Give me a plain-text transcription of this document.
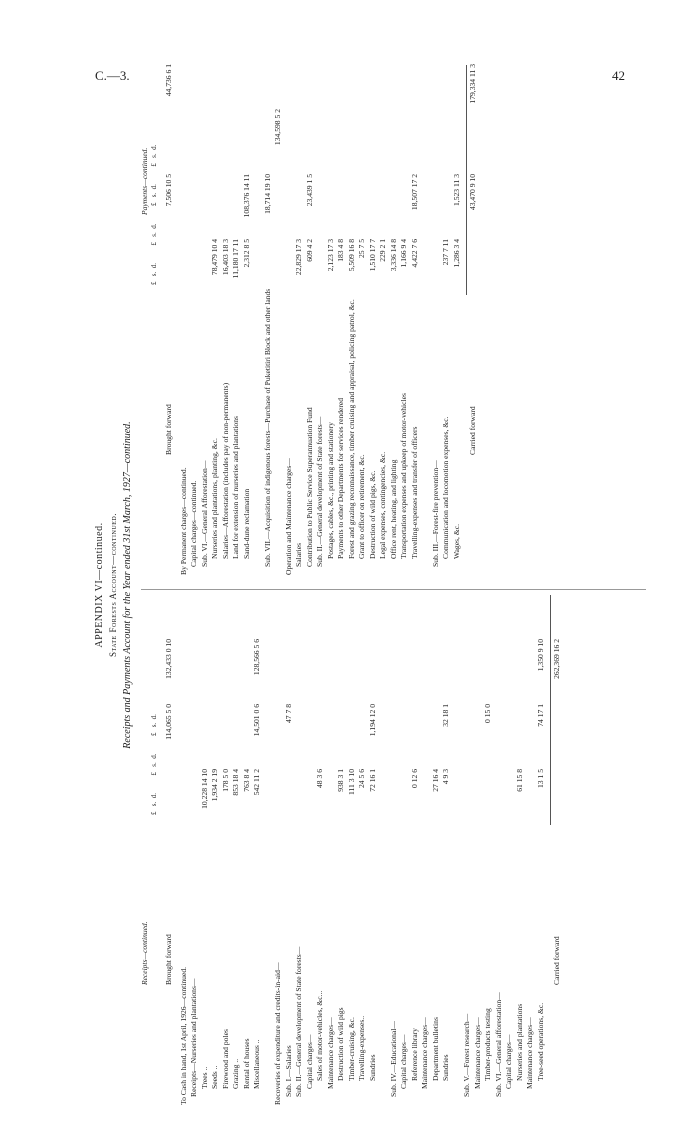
C.—3.	42
APPENDIX VI—continued. State Forests Account—continued. Receipts and Payments Account for the Year ended 31st March, 1927—continued.
Receipts—continued.
£   s.  d.          £   s.  d.          £   s.  d.
Brought forward
114,065 5 0
132,433 0 10
To Cash in hand, 1st April, 1926—continued. Receipts—Nurseries and plantations— Trees ..
10,228 14 10
Seeds ..
1,934 2 19
Firewood and poles
178 5 0
Grazing ..
853 18 4
Rental of houses
763 8 4
Miscellaneous ..
542 11 2
14,501 0 6
128,566 5 6
Recoveries of expenditure and credits-in-aid— Sub. I.—Salaries
47 7 8
Sub. II.—General development of State forests— Capital charges— Sales of motor-vehicles, &c...
48 3 6
Maintenance charges— Destruction of wild pigs
938 3 1
Timber-cruising, &c.
111 3 10
Travelling-expenses..
24 5 6
Sundries
72 16 1
1,194 12 0
Sub. IV.—Educational— Capital charges— Reference library
0 12 6
Maintenance charges— Department bulletins
27 16 4
Sundries
4 9 3
32 18 1
Sub. V.—Forest research— Maintenance charges— Timber-products testing
0 15 0
Sub. VI.—General afforestation— Capital charges— Nurseries and plantations
61 15 8
Maintenance charges— Tree-seed operations, &c.
13 1 5
74 17 1
1,350 9 10
Carried forward
262,369 16 2
Payments—continued. £   s.  d.          £   s.  d.          £   s.  d.          £   s.  d.
Brought forward
7,506 10 5
44,736 6 1
By Permanent charges—continued. Capital charges—continued. Sub. VI.—General Afforestation— Nurseries and plantations, planting, &c.
78,479 10 4
Salaries—Afforestation (includes pay of non-permanents)
16,403 18 3
Land for extension of nurseries and plantations
11,180 17 11
Sand-dune reclamation
2,312 8 5
108,376 14 11
Sub. VII.—Acquisition of indigenous forests—Purchase of Puketitiri Block and other lands
18,714 19 10
134,598 5 2
Operation and Maintenance charges— Salaries
22,829 17 3
Contribution to Public Service Superannuation Fund
609 4 2
23,439 1 5
Sub. II.—General development of State forests— Postages, cables, &c., printing and stationery
2,123 17 3
Payments to other Departments for services rendered
183 4 8
Forest and grazing reconnaissance, timber cruising and appraisal, policing patrol, &c.
5,509 16 8
Grant to officer on retirement, &c.
25 7 5
Destruction of wild pigs, &c.
1,510 17 7
Legal expenses, contingencies, &c.
229 2 1
Office rent, heating, and lighting
3,336 14 8
Transportation expenses and upkeep of motor-vehicles
1,166 9 4
Travelling-expenses and transfer of officers
4,422 7 6
18,507 17 2
Sub. III.—Forest-fire prevention— Communication and locomotion expenses, &c.
237 7 11
Wages, &c.
1,286 3 4
1,523 11 3
Carried forward
43,470 9 10
179,334 11 3
